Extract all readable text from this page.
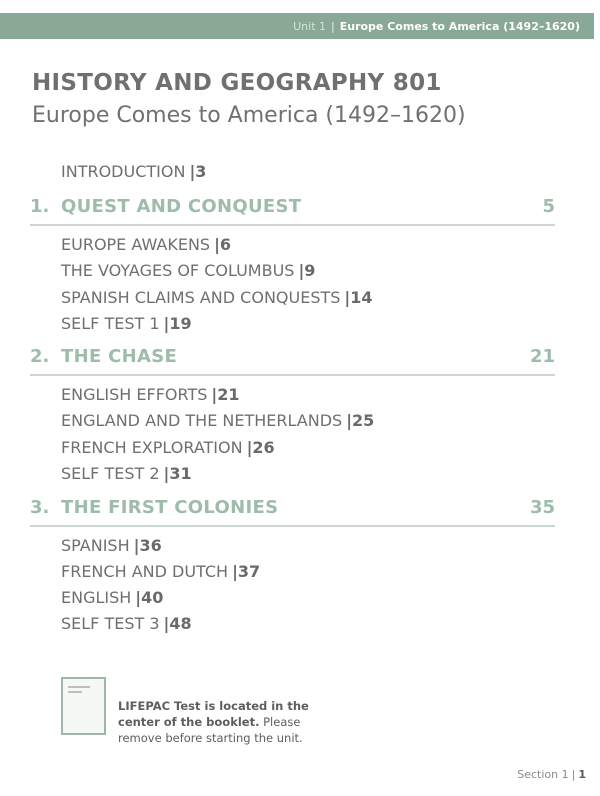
Unit 1 | Europe Comes to America (1492–1620)
HISTORY AND GEOGRAPHY 801
Europe Comes to America (1492–1620)
INTRODUCTION |3
1. QUEST AND CONQUEST	5
EUROPE AWAKENS |6
THE VOYAGES OF COLUMBUS |9
SPANISH CLAIMS AND CONQUESTS |14
SELF TEST 1 |19
2. THE CHASE	21
ENGLISH EFFORTS |21
ENGLAND AND THE NETHERLANDS |25
FRENCH EXPLORATION |26
SELF TEST 2 |31
3. THE FIRST COLONIES	35
SPANISH |36
FRENCH AND DUTCH |37
ENGLISH |40
SELF TEST 3 |48
LIFEPAC Test is located in the center of the booklet. Please remove before starting the unit.
Section 1 | 1
